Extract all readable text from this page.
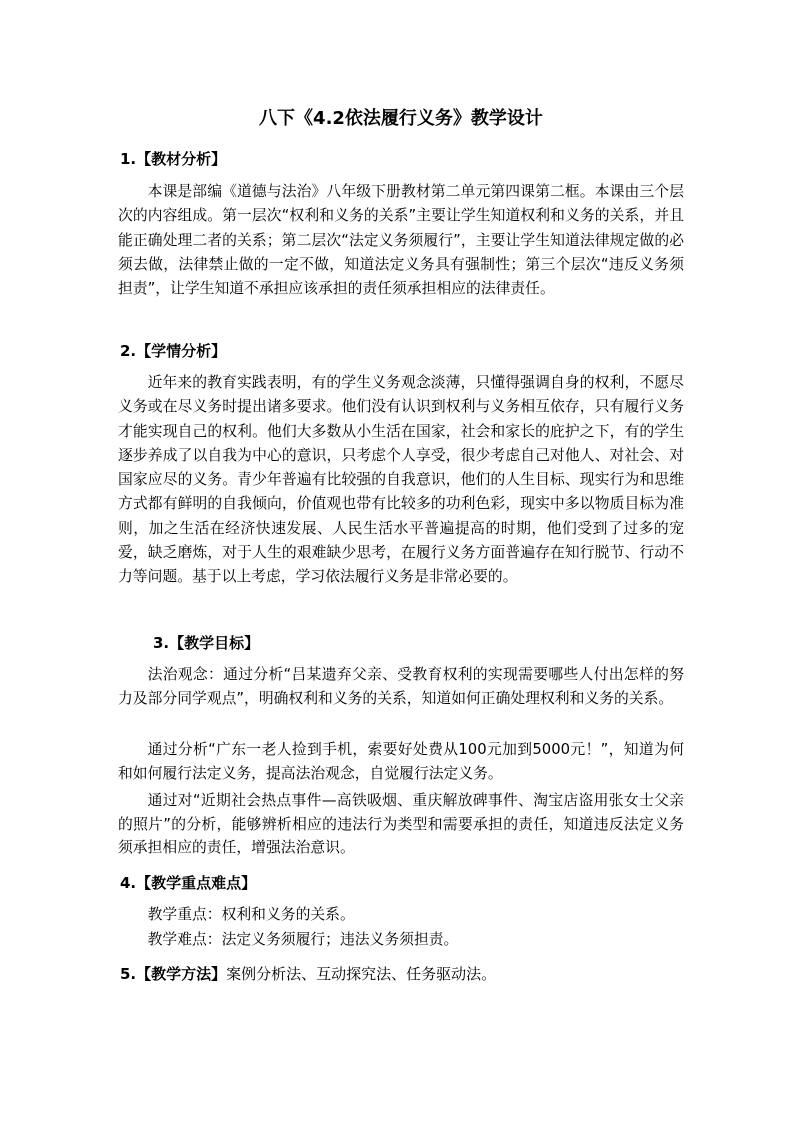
八下《4.2依法履行义务》教学设计
1.【教材分析】

本课是部编《道德与法治》八年级下册教材第二单元第四课第二框。本课由三个层次的内容组成。第一层次“权利和义务的关系”主要让学生知道权利和义务的关系，并且能正确处理二者的关系；第二层次“法定义务须履行”，主要让学生知道法律规定做的必须去做，法律禁止做的一定不做，知道法定义务具有强制性；第三个层次“违反义务须担责”，让学生知道不承担应该承担的责任须承担相应的法律责任。

2.【学情分析】

近年来的教育实践表明，有的学生义务观念淡薄，只懂得强调自身的权利，不愿尽义务或在尽义务时提出诸多要求。他们没有认识到权利与义务相互依存，只有履行义务才能实现自己的权利。他们大多数从小生活在国家，社会和家长的庇护之下，有的学生逐步养成了以自我为中心的意识，只考虑个人享受，很少考虑自己对他人、对社会、对国家应尽的义务。青少年普遍有比较强的自我意识，他们的人生目标、现实行为和思维方式都有鲜明的自我倾向，价值观也带有比较多的功利色彩，现实中多以物质目标为准则，加之生活在经济快速发展、人民生活水平普遍提高的时期，他们受到了过多的宠爱，缺乏磨炼，对于人生的艰难缺少思考，在履行义务方面普遍存在知行脱节、行动不力等问题。基于以上考虑，学习依法履行义务是非常必要的。

3.【教学目标】

法治观念：通过分析“吕某遗弃父亲、受教育权利的实现需要哪些人付出怎样的努力及部分同学观点”，明确权利和义务的关系，知道如何正确处理权利和义务的关系。

通过分析“广东一老人捡到手机，索要好处费从100元加到5000元！”，知道为何和如何履行法定义务，提高法治观念，自觉履行法定义务。

通过对“近期社会热点事件—高铁吸烟、重庆解放碑事件、淘宝店盗用张女士父亲的照片”的分析，能够辨析相应的违法行为类型和需要承担的责任，知道违反法定义务须承担相应的责任，增强法治意识。

4.【教学重点难点】

教学重点：权利和义务的关系。

教学难点：法定义务须履行；违法义务须担责。

5.【教学方法】案例分析法、互动探究法、任务驱动法。
